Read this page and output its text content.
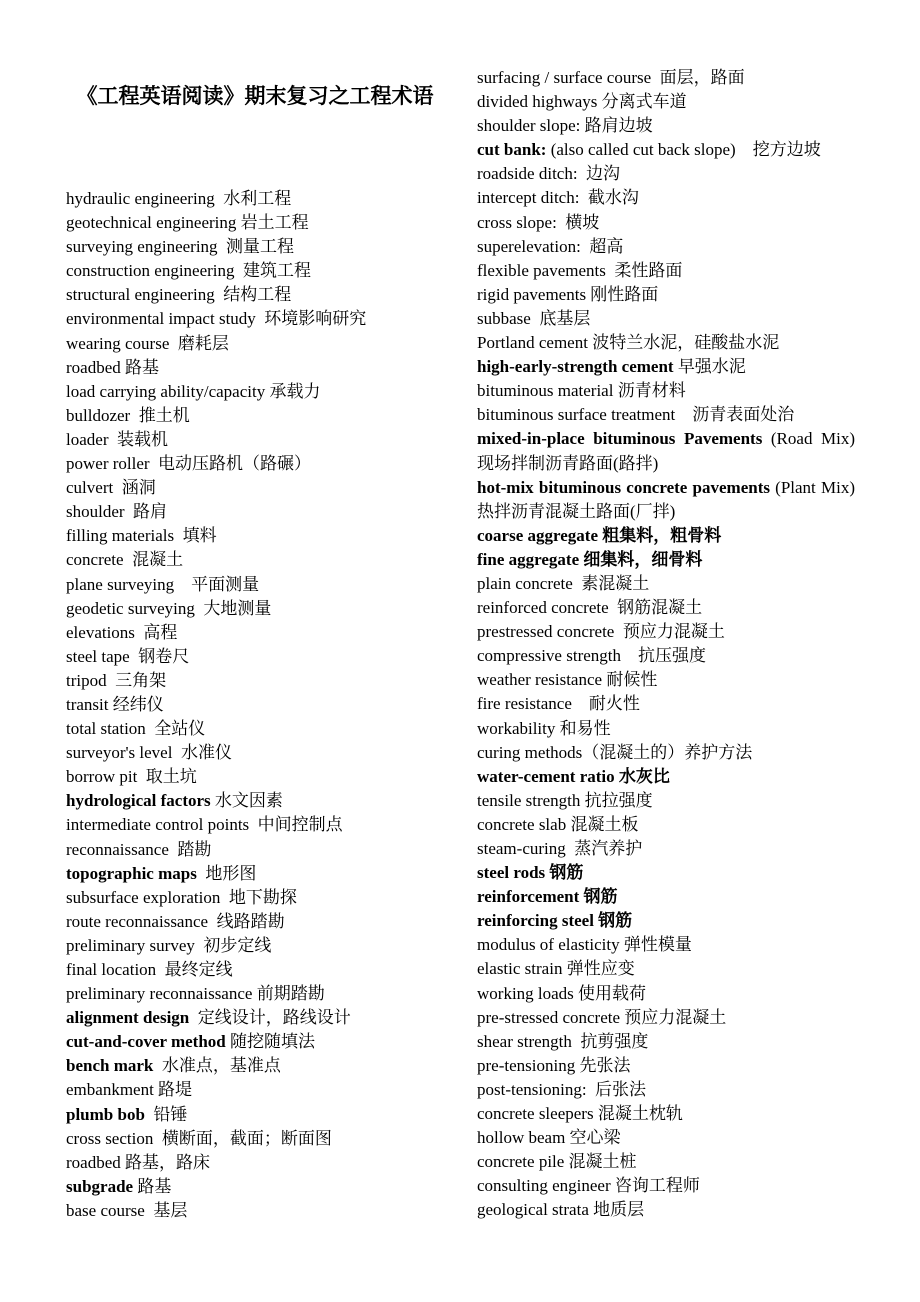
《工程英语阅读》期末复习之工程术语
hydraulic engineering  水利工程
geotechnical engineering 岩土工程
surveying engineering  测量工程
construction engineering  建筑工程
structural engineering  结构工程
environmental impact study  环境影响研究
wearing course  磨耗层
roadbed 路基
load carrying ability/capacity 承载力
bulldozer  推土机
loader  装载机
power roller  电动压路机（路碾）
culvert  涵洞
shoulder  路肩
filling materials  填料
concrete  混凝土
plane surveying    平面测量
geodetic surveying  大地测量
elevations  高程
steel tape  钢卷尺
tripod  三角架
transit 经纬仪
total station  全站仪
surveyor's level  水准仪
borrow pit  取土坑
hydrological factors 水文因素
intermediate control points  中间控制点
reconnaissance  踏勘
topographic maps  地形图
subsurface exploration  地下勘探
route reconnaissance  线路踏勘
preliminary survey  初步定线
final location  最终定线
preliminary reconnaissance 前期踏勘
alignment design  定线设计，路线设计
cut-and-cover method 随挖随填法
bench mark  水准点，基准点
embankment 路堤
plumb bob  铅锤
cross section  横断面，截面；断面图
roadbed 路基，路床
subgrade 路基
base course  基层
surfacing / surface course  面层，路面
divided highways 分离式车道
shoulder slope: 路肩边坡
cut bank: (also called cut back slope)    挖方边坡
roadside ditch:  边沟
intercept ditch:  截水沟
cross slope:  横坡
superelevation:  超高
flexible pavements  柔性路面
rigid pavements 刚性路面
subbase  底基层
Portland cement 波特兰水泥，硅酸盐水泥
high-early-strength cement 早强水泥
bituminous material 沥青材料
bituminous surface treatment    沥青表面处治
mixed-in-place bituminous Pavements (Road Mix) 现场拌制沥青路面(路拌)
hot-mix bituminous concrete pavements (Plant Mix)热拌沥青混凝土路面(厂拌)
coarse aggregate 粗集料，粗骨料
fine aggregate 细集料，细骨料
plain concrete  素混凝土
reinforced concrete  钢筋混凝土
prestressed concrete  预应力混凝土
compressive strength    抗压强度
weather resistance 耐候性
fire resistance    耐火性
workability 和易性
curing methods（混凝土的）养护方法
water-cement ratio 水灰比
tensile strength 抗拉强度
concrete slab 混凝土板
steam-curing  蒸汽养护
steel rods 钢筋
reinforcement 钢筋
reinforcing steel 钢筋
modulus of elasticity 弹性模量
elastic strain 弹性应变
working loads 使用载荷
pre-stressed concrete 预应力混凝土
shear strength  抗剪强度
pre-tensioning 先张法
post-tensioning:  后张法
concrete sleepers 混凝土枕轨
hollow beam 空心梁
concrete pile 混凝土桩
consulting engineer 咨询工程师
geological strata 地质层
